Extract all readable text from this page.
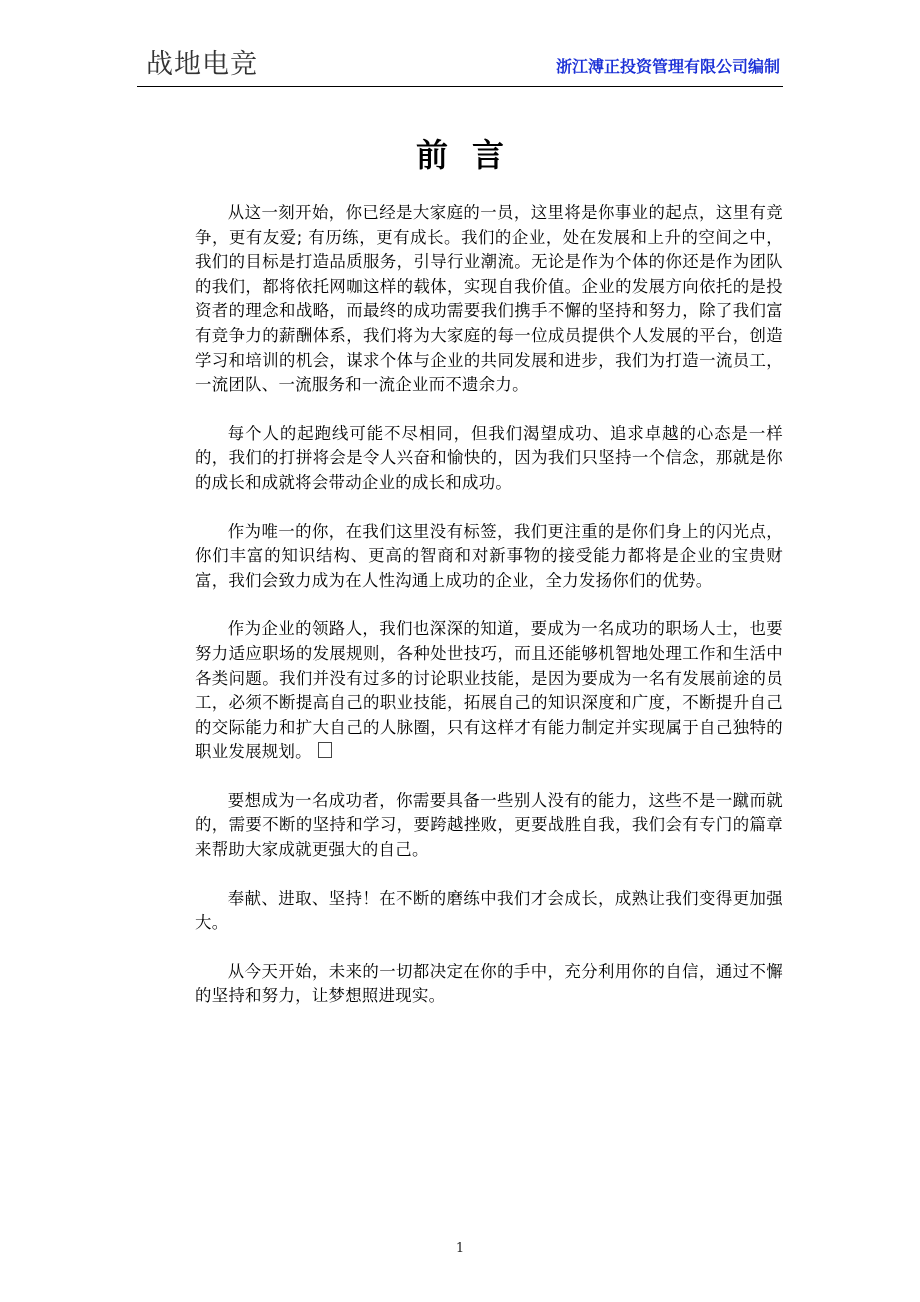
战地电竞	浙江溥正投资管理有限公司编制
前言

从这一刻开始，你已经是大家庭的一员，这里将是你事业的起点，这里有竞争，更有友爱; 有历练，更有成长。我们的企业，处在发展和上升的空间之中，我们的目标是打造品质服务，引导行业潮流。无论是作为个体的你还是作为团队的我们，都将依托网咖这样的载体，实现自我价值。企业的发展方向依托的是投资者的理念和战略，而最终的成功需要我们携手不懈的坚持和努力，除了我们富有竞争力的薪酬体系，我们将为大家庭的每一位成员提供个人发展的平台，创造学习和培训的机会，谋求个体与企业的共同发展和进步，我们为打造一流员工，一流团队、一流服务和一流企业而不遗余力。

每个人的起跑线可能不尽相同，但我们渴望成功、追求卓越的心态是一样的，我们的打拼将会是令人兴奋和愉快的，因为我们只坚持一个信念，那就是你的成长和成就将会带动企业的成长和成功。

作为唯一的你，在我们这里没有标签，我们更注重的是你们身上的闪光点，你们丰富的知识结构、更高的智商和对新事物的接受能力都将是企业的宝贵财富，我们会致力成为在人性沟通上成功的企业，全力发扬你们的优势。

作为企业的领路人，我们也深深的知道，要成为一名成功的职场人士，也要努力适应职场的发展规则，各种处世技巧，而且还能够机智地处理工作和生活中各类问题。我们并没有过多的讨论职业技能，是因为要成为一名有发展前途的员工，必须不断提高自己的职业技能，拓展自己的知识深度和广度，不断提升自己的交际能力和扩大自己的人脉圈，只有这样才有能力制定并实现属于自己独特的职业发展规划。

要想成为一名成功者，你需要具备一些别人没有的能力，这些不是一蹴而就的，需要不断的坚持和学习，要跨越挫败，更要战胜自我，我们会有专门的篇章来帮助大家成就更强大的自己。

奉献、进取、坚持！在不断的磨练中我们才会成长，成熟让我们变得更加强大。

从今天开始，未来的一切都决定在你的手中，充分利用你的自信，通过不懈的坚持和努力，让梦想照进现实。

1
